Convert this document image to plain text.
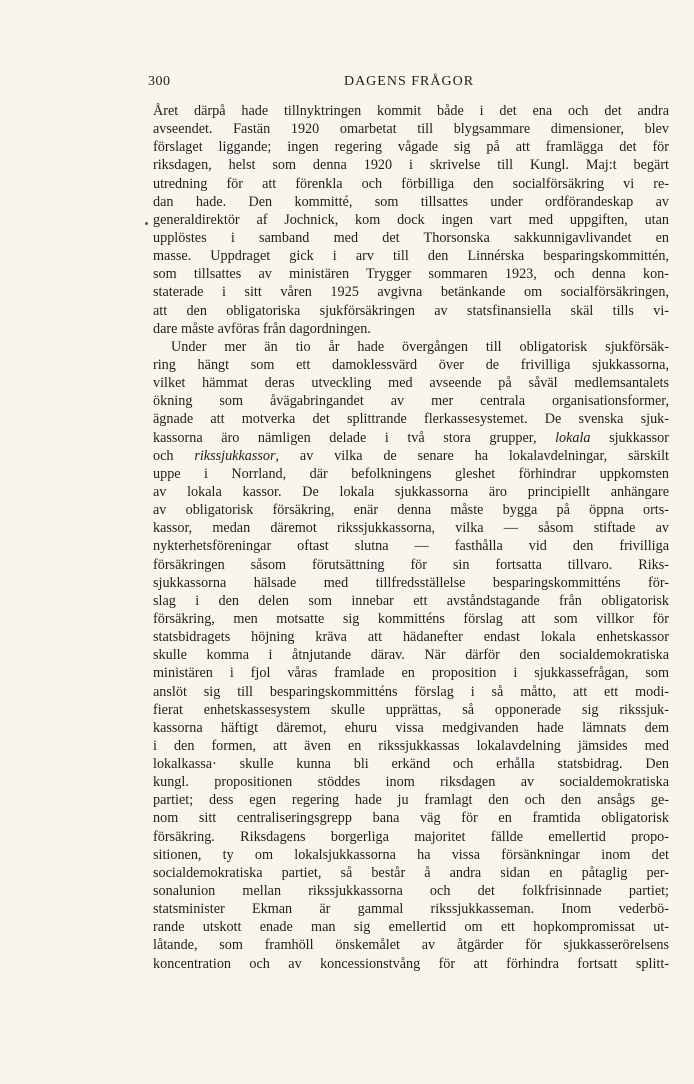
300	DAGENS FRÅGOR
Året därpå hade tillnyktringen kommit både i det ena och det andra
avseendet. Fastän 1920 omarbetat till blygsammare dimensioner, blev
förslaget liggande; ingen regering vågade sig på att framlägga det för
riksdagen, helst som denna 1920 i skrivelse till Kungl. Maj:t begärt
utredning för att förenkla och förbilliga den socialförsäkring vi re-
dan hade. Den kommitté, som tillsattes under ordförandeskap av
generaldirektör af Jochnick, kom dock ingen vart med uppgiften, utan
upplöstes i samband med det Thorsonska sakkunnigavlivandet en
masse. Uppdraget gick i arv till den Linnérska besparingskommittén,
som tillsattes av ministären Trygger sommaren 1923, och denna kon-
staterade i sitt våren 1925 avgivna betänkande om socialförsäkringen,
att den obligatoriska sjukförsäkringen av statsfinansiella skäl tills vi-
dare måste avföras från dagordningen.
Under mer än tio år hade övergången till obligatorisk sjukförsäk-
ring hängt som ett damoklessvärd över de frivilliga sjukkassorna,
vilket hämmat deras utveckling med avseende på såväl medlemsantalets
ökning som åvägabringandet av mer centrala organisationsformer,
ägnade att motverka det splittrande flerkassesystemet. De svenska sjuk-
kassorna äro nämligen delade i två stora grupper, lokala sjukkassor
och rikssjukkassor, av vilka de senare ha lokalavdelningar, särskilt
uppe i Norrland, där befolkningens gleshet förhindrar uppkomsten
av lokala kassor. De lokala sjukkassorna äro principiellt anhängare
av obligatorisk försäkring, enär denna måste bygga på öppna orts-
kassor, medan däremot rikssjukkassorna, vilka — såsom stiftade av
nykterhetsföreningar oftast slutna — fasthålla vid den frivilliga
försäkringen såsom förutsättning för sin fortsatta tillvaro. Riks-
sjukkassorna hälsade med tillfredsställelse besparingskommitténs för-
slag i den delen som innebar ett avståndstagande från obligatorisk
försäkring, men motsatte sig kommitténs förslag att som villkor för
statsbidragets höjning kräva att hädanefter endast lokala enhetskassor
skulle komma i åtnjutande därav. När därför den socialdemokratiska
ministären i fjol våras framlade en proposition i sjukkassefrågan, som
anslöt sig till besparingskommitténs förslag i så måtto, att ett modi-
fierat enhetskassesystem skulle upprättas, så opponerade sig rikssjuk-
kassorna häftigt däremot, ehuru vissa medgivanden hade lämnats dem
i den formen, att även en rikssjukkassas lokalavdelning jämsides med
lokalkassa· skulle kunna bli erkänd och erhålla statsbidrag. Den
kungl. propositionen stöddes inom riksdagen av socialdemokratiska
partiet; dess egen regering hade ju framlagt den och den ansågs ge-
nom sitt centraliseringsgrepp bana väg för en framtida obligatorisk
försäkring. Riksdagens borgerliga majoritet fällde emellertid propo-
sitionen, ty om lokalsjukkassorna ha vissa försänkningar inom det
socialdemokratiska partiet, så består å andra sidan en påtaglig per-
sonalunion mellan rikssjukkassorna och det folkfrisinnade partiet;
statsminister Ekman är gammal rikssjukkasseman. Inom vederbö-
rande utskott enade man sig emellertid om ett hopkompromissat ut-
låtande, som framhöll önskemålet av åtgärder för sjukkasserörelsens
koncentration och av koncessionstvång för att förhindra fortsatt splitt-
